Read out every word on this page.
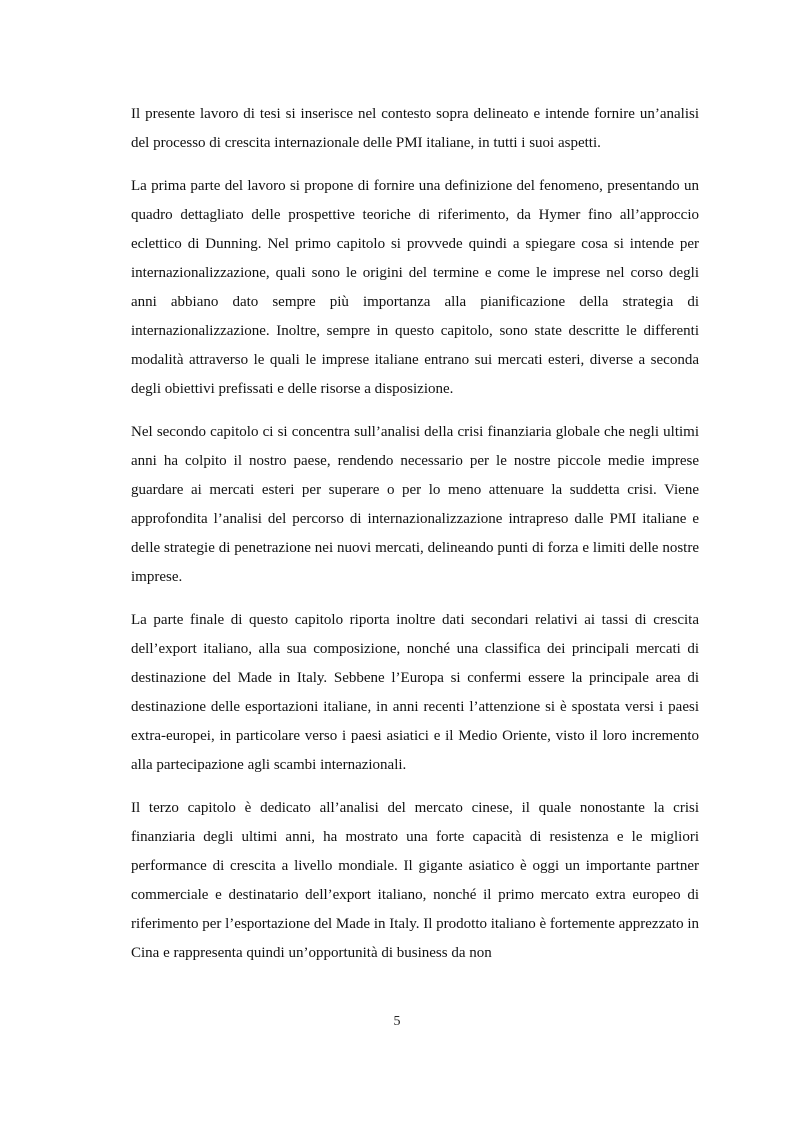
Il presente lavoro di tesi si inserisce nel contesto sopra delineato e intende fornire un’analisi del processo di crescita internazionale delle PMI italiane, in tutti i suoi aspetti.

La prima parte del lavoro si propone di fornire una definizione del fenomeno, presentando un quadro dettagliato delle prospettive teoriche di riferimento, da Hymer fino all’approccio eclettico di Dunning. Nel primo capitolo si provvede quindi a spiegare cosa si intende per internazionalizzazione, quali sono le origini del termine e come le imprese nel corso degli anni abbiano dato sempre più importanza alla pianificazione della strategia di internazionalizzazione. Inoltre, sempre in questo capitolo, sono state descritte le differenti modalità attraverso le quali le imprese italiane entrano sui mercati esteri, diverse a seconda degli obiettivi prefissati e delle risorse a disposizione.

Nel secondo capitolo ci si concentra sull’analisi della crisi finanziaria globale che negli ultimi anni ha colpito il nostro paese, rendendo necessario per le nostre piccole medie imprese guardare ai mercati esteri per superare o per lo meno attenuare la suddetta crisi. Viene approfondita l’analisi del percorso di internazionalizzazione intrapreso dalle PMI italiane e delle strategie di penetrazione nei nuovi mercati, delineando punti di forza e limiti delle nostre imprese.

La parte finale di questo capitolo riporta inoltre dati secondari relativi ai tassi di crescita dell’export italiano, alla sua composizione, nonché una classifica dei principali mercati di destinazione del Made in Italy. Sebbene l’Europa si confermi essere la principale area di destinazione delle esportazioni italiane, in anni recenti l’attenzione si è spostata versi i paesi extra-europei, in particolare verso i paesi asiatici e il Medio Oriente, visto il loro incremento alla partecipazione agli scambi internazionali.

Il terzo capitolo è dedicato all’analisi del mercato cinese, il quale nonostante la crisi finanziaria degli ultimi anni, ha mostrato una forte capacità di resistenza e le migliori performance di crescita a livello mondiale. Il gigante asiatico è oggi un importante partner commerciale e destinatario dell’export italiano, nonché il primo mercato extra europeo di riferimento per l’esportazione del Made in Italy. Il prodotto italiano è fortemente apprezzato in Cina e rappresenta quindi un’opportunità di business da non

5
